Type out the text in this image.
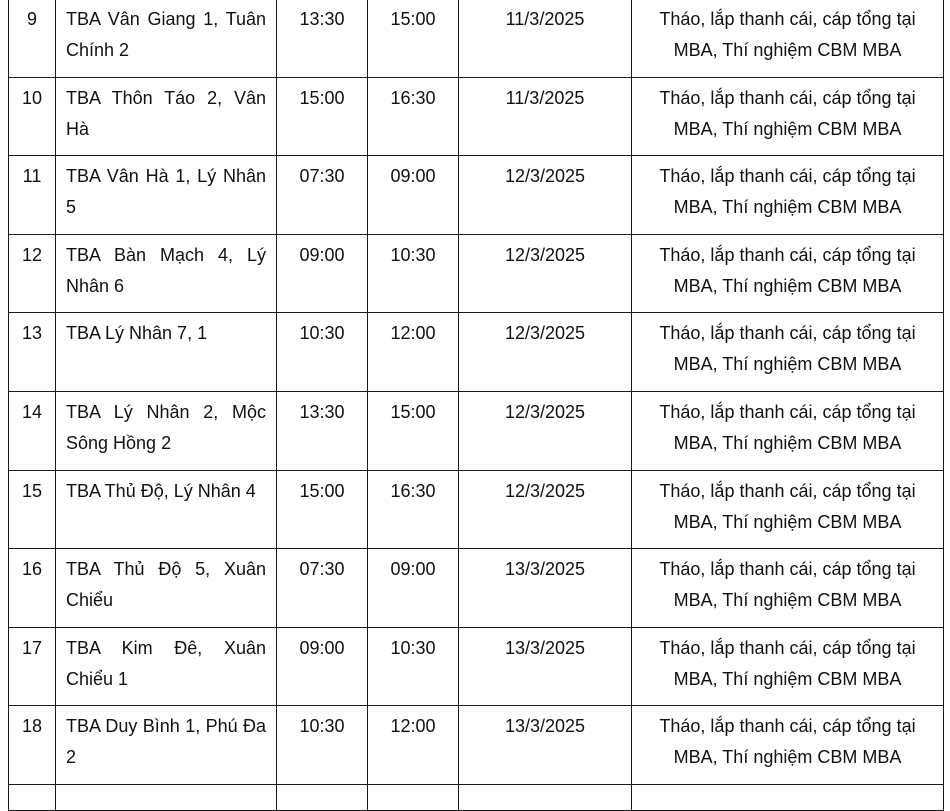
9	TBA Vân Giang 1, Tuân Chính 2	13:30	15:00	11/3/2025	Tháo, lắp thanh cái, cáp tổng tại MBA, Thí nghiệm CBM MBA
10	TBA Thôn Táo 2, Vân Hà	15:00	16:30	11/3/2025	Tháo, lắp thanh cái, cáp tổng tại MBA, Thí nghiệm CBM MBA
11	TBA Vân Hà 1, Lý Nhân 5	07:30	09:00	12/3/2025	Tháo, lắp thanh cái, cáp tổng tại MBA, Thí nghiệm CBM MBA
12	TBA Bàn Mạch 4, Lý Nhân 6	09:00	10:30	12/3/2025	Tháo, lắp thanh cái, cáp tổng tại MBA, Thí nghiệm CBM MBA
13	TBA Lý Nhân 7, 1	10:30	12:00	12/3/2025	Tháo, lắp thanh cái, cáp tổng tại MBA, Thí nghiệm CBM MBA
14	TBA Lý Nhân 2, Mộc Sông Hồng 2	13:30	15:00	12/3/2025	Tháo, lắp thanh cái, cáp tổng tại MBA, Thí nghiệm CBM MBA
15	TBA Thủ Độ, Lý Nhân 4	15:00	16:30	12/3/2025	Tháo, lắp thanh cái, cáp tổng tại MBA, Thí nghiệm CBM MBA
16	TBA Thủ Độ 5, Xuân Chiểu	07:30	09:00	13/3/2025	Tháo, lắp thanh cái, cáp tổng tại MBA, Thí nghiệm CBM MBA
17	TBA Kim Đê, Xuân Chiểu 1	09:00	10:30	13/3/2025	Tháo, lắp thanh cái, cáp tổng tại MBA, Thí nghiệm CBM MBA
18	TBA Duy Bình 1, Phú Đa 2	10:30	12:00	13/3/2025	Tháo, lắp thanh cái, cáp tổng tại MBA, Thí nghiệm CBM MBA
